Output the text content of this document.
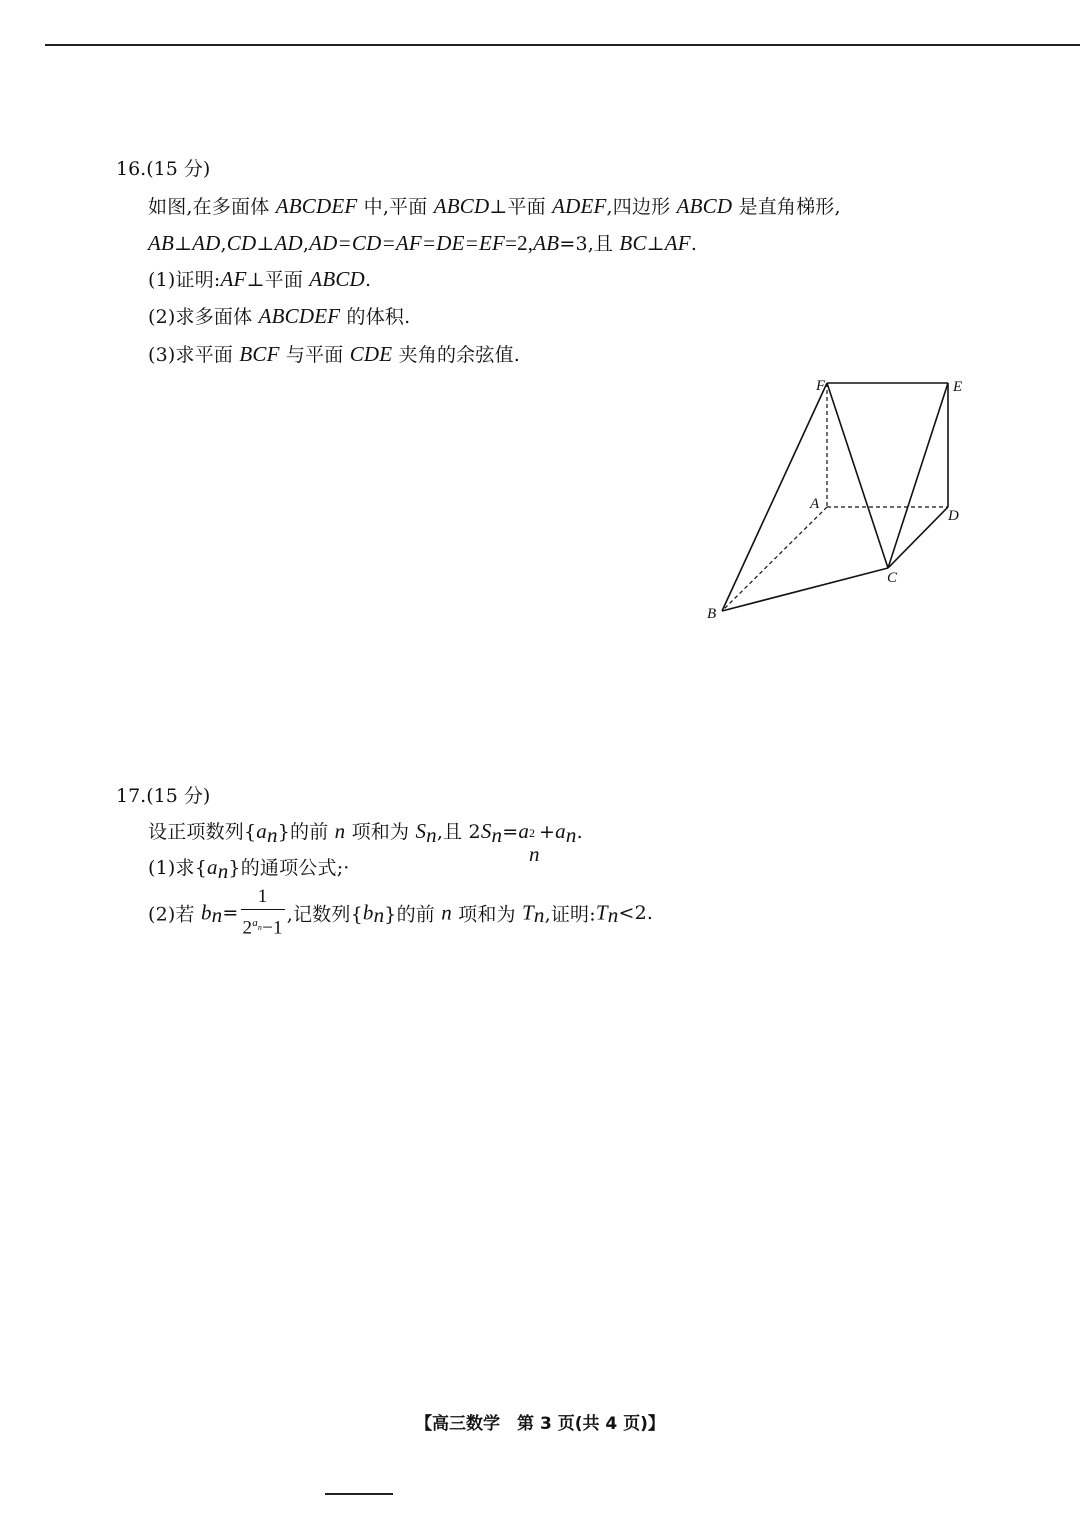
16.(15 分)
如图,在多面体 ABCDEF 中,平面 ABCD⊥平面 ADEF,四边形 ABCD 是直角梯形,
AB⊥AD,CD⊥AD,AD=CD=AF=DE=EF=2,AB=3,且 BC⊥AF.
(1)证明:AF⊥平面 ABCD.
(2)求多面体 ABCDEF 的体积.
(3)求平面 BCF 与平面 CDE 夹角的余弦值.
F	E
A
D
C
B
17.(15 分)
设正项数列$\{a_n\}$的前 n 项和为 $S_n$,且 $2S_n=a$ 2
n
$+a_n$.
(1)求$\{a_n\}$的通项公式;·
(2)若 $b_n= \frac{1}{2^{a_n}-1}$ ,记数列$\{b_n\}$的前 n 项和为 $T_n$,证明$:T_n<2$.
【高三数学　第 3 页(共 4 页)】
